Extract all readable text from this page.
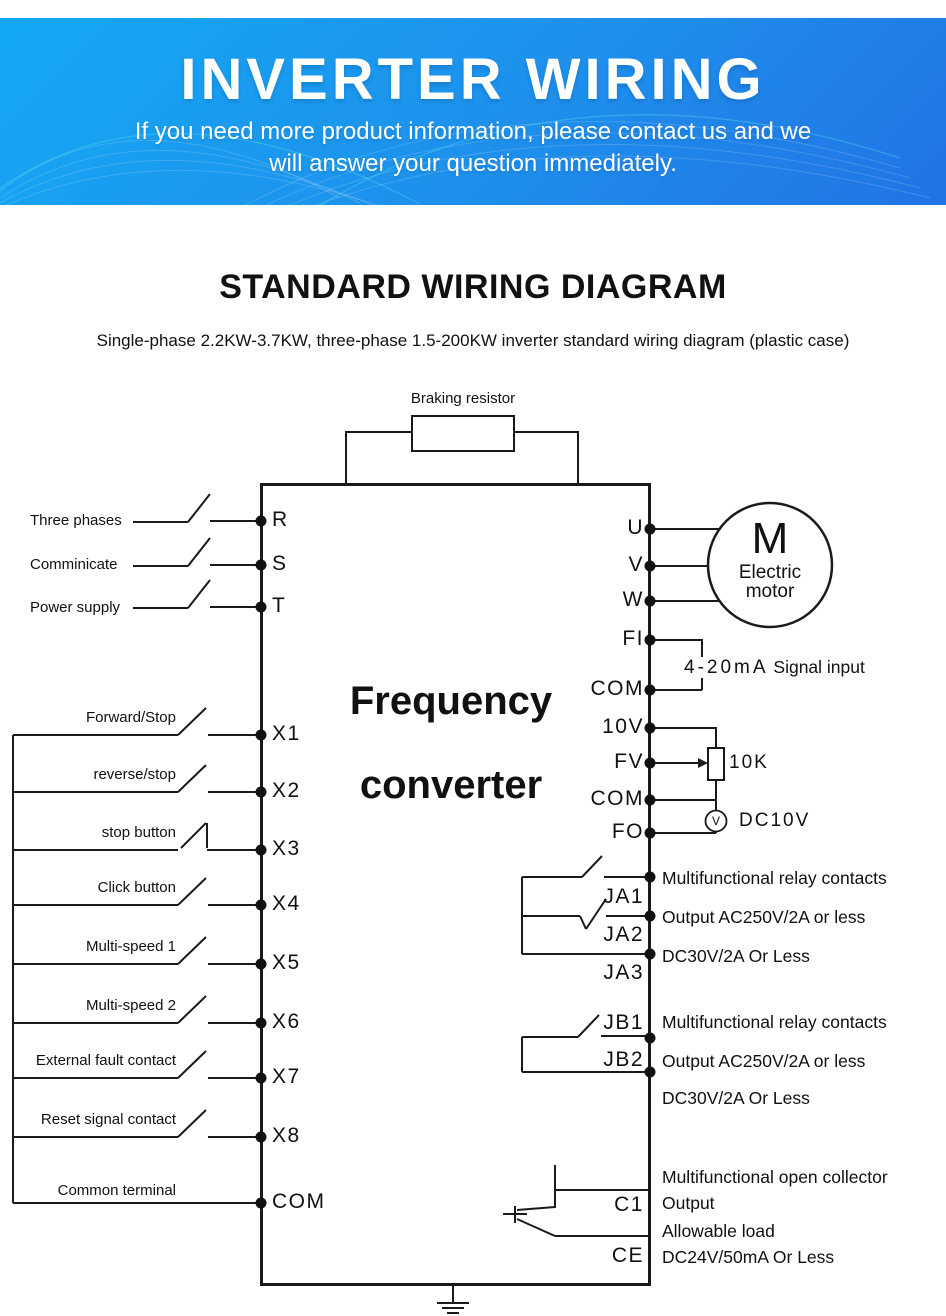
INVERTER WIRING
If you need more product information, please contact us and we
will answer your question immediately.
STANDARD WIRING DIAGRAM
Single-phase 2.2KW-3.7KW, three-phase 1.5-200KW inverter standard wiring diagram (plastic case)
Braking resistor
Frequency
converter
Three phases
Comminicate
Power supply
Forward/Stop
reverse/stop
stop button
Click button
Multi-speed 1
Multi-speed 2
External fault contact
Reset signal contact
Common terminal
R
S
T
X1
X2
X3
X4
X5
X6
X7
X8
COM
U
V
W
FI
COM
10V
FV
COM
FO
JA1
JA2
JA3
JB1
JB2
C1
CE
M
Electric
motor
4-20mA Signal input
10K
V DC10V
Multifunctional relay contacts
Output AC250V/2A or less
DC30V/2A Or Less
Multifunctional relay contacts
Output AC250V/2A or less
DC30V/2A Or Less
Multifunctional open collector
Output
Allowable load
DC24V/50mA Or Less
